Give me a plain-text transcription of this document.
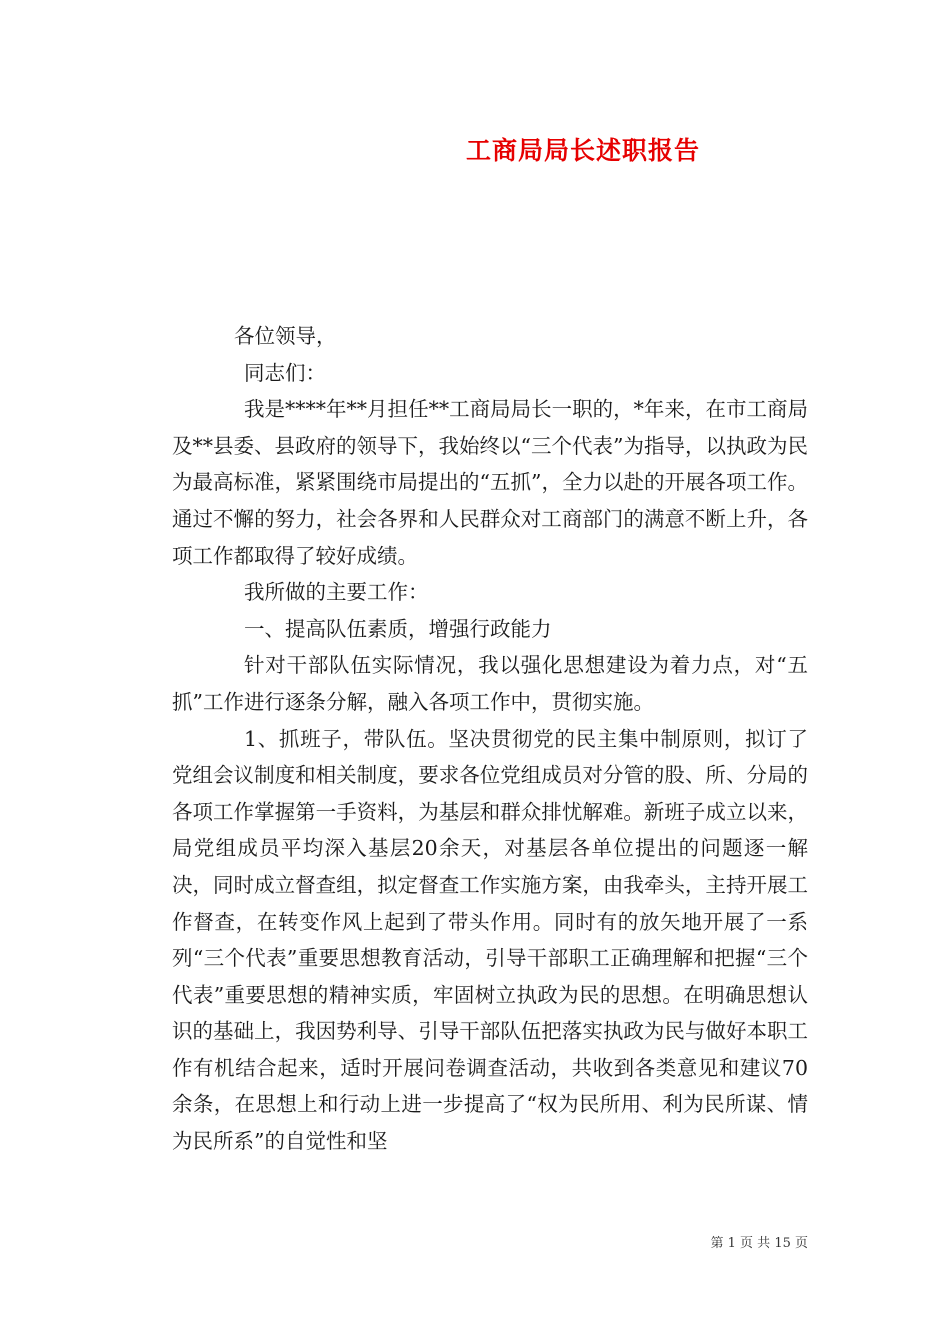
工商局局长述职报告

各位领导，

同志们：

我是****年**月担任**工商局局长一职的，*年来，在市工商局及**县委、县政府的领导下，我始终以“三个代表”为指导，以执政为民为最高标准，紧紧围绕市局提出的“五抓”，全力以赴的开展各项工作。通过不懈的努力，社会各界和人民群众对工商部门的满意不断上升，各项工作都取得了较好成绩。

我所做的主要工作：

一、提高队伍素质，增强行政能力

针对干部队伍实际情况，我以强化思想建设为着力点，对“五抓”工作进行逐条分解，融入各项工作中，贯彻实施。

1、抓班子，带队伍。坚决贯彻党的民主集中制原则，拟订了党组会议制度和相关制度，要求各位党组成员对分管的股、所、分局的各项工作掌握第一手资料，为基层和群众排忧解难。新班子成立以来，局党组成员平均深入基层20余天，对基层各单位提出的问题逐一解决，同时成立督查组，拟定督查工作实施方案，由我牵头，主持开展工作督查，在转变作风上起到了带头作用。同时有的放矢地开展了一系列“三个代表”重要思想教育活动，引导干部职工正确理解和把握“三个代表”重要思想的精神实质，牢固树立执政为民的思想。在明确思想认识的基础上，我因势利导、引导干部队伍把落实执政为民与做好本职工作有机结合起来，适时开展问卷调查活动，共收到各类意见和建议70余条，在思想上和行动上进一步提高了“权为民所用、利为民所谋、情为民所系”的自觉性和坚

第 1 页 共 15 页
